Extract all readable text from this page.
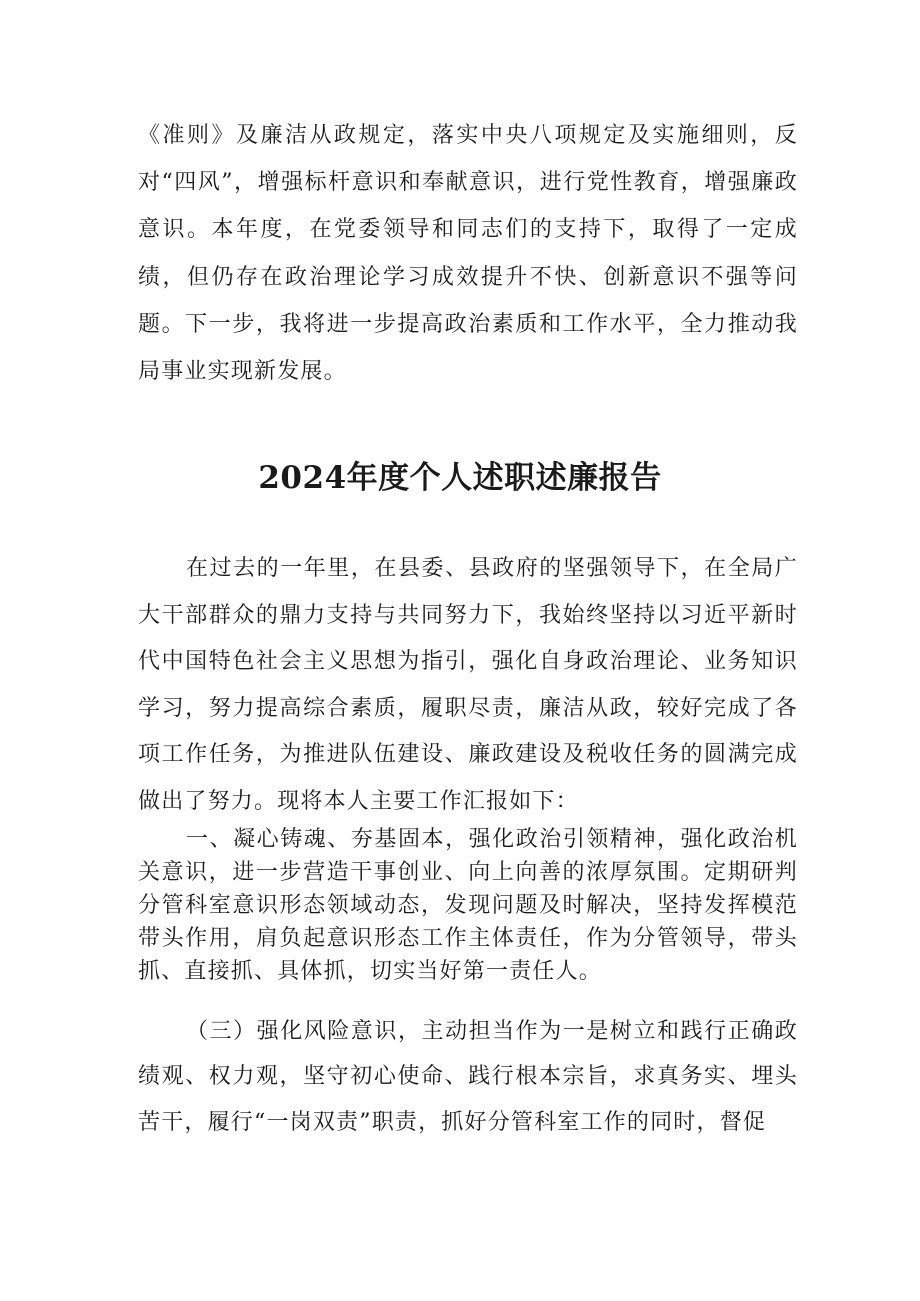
《准则》及廉洁从政规定，落实中央八项规定及实施细则，反对“四风”，增强标杆意识和奉献意识，进行党性教育，增强廉政意识。本年度，在党委领导和同志们的支持下，取得了一定成绩，但仍存在政治理论学习成效提升不快、创新意识不强等问题。下一步，我将进一步提高政治素质和工作水平，全力推动我局事业实现新发展。

2024年度个人述职述廉报告

在过去的一年里，在县委、县政府的坚强领导下，在全局广大干部群众的鼎力支持与共同努力下，我始终坚持以习近平新时代中国特色社会主义思想为指引，强化自身政治理论、业务知识学习，努力提高综合素质，履职尽责，廉洁从政，较好完成了各项工作任务，为推进队伍建设、廉政建设及税收任务的圆满完成做出了努力。现将本人主要工作汇报如下：

一、凝心铸魂、夯基固本，强化政治引领精神，强化政治机关意识，进一步营造干事创业、向上向善的浓厚氛围。定期研判分管科室意识形态领域动态，发现问题及时解决，坚持发挥模范带头作用，肩负起意识形态工作主体责任，作为分管领导，带头抓、直接抓、具体抓，切实当好第一责任人。

（三）强化风险意识，主动担当作为一是树立和践行正确政绩观、权力观，坚守初心使命、践行根本宗旨，求真务实、埋头苦干，履行“一岗双责”职责，抓好分管科室工作的同时，督促
